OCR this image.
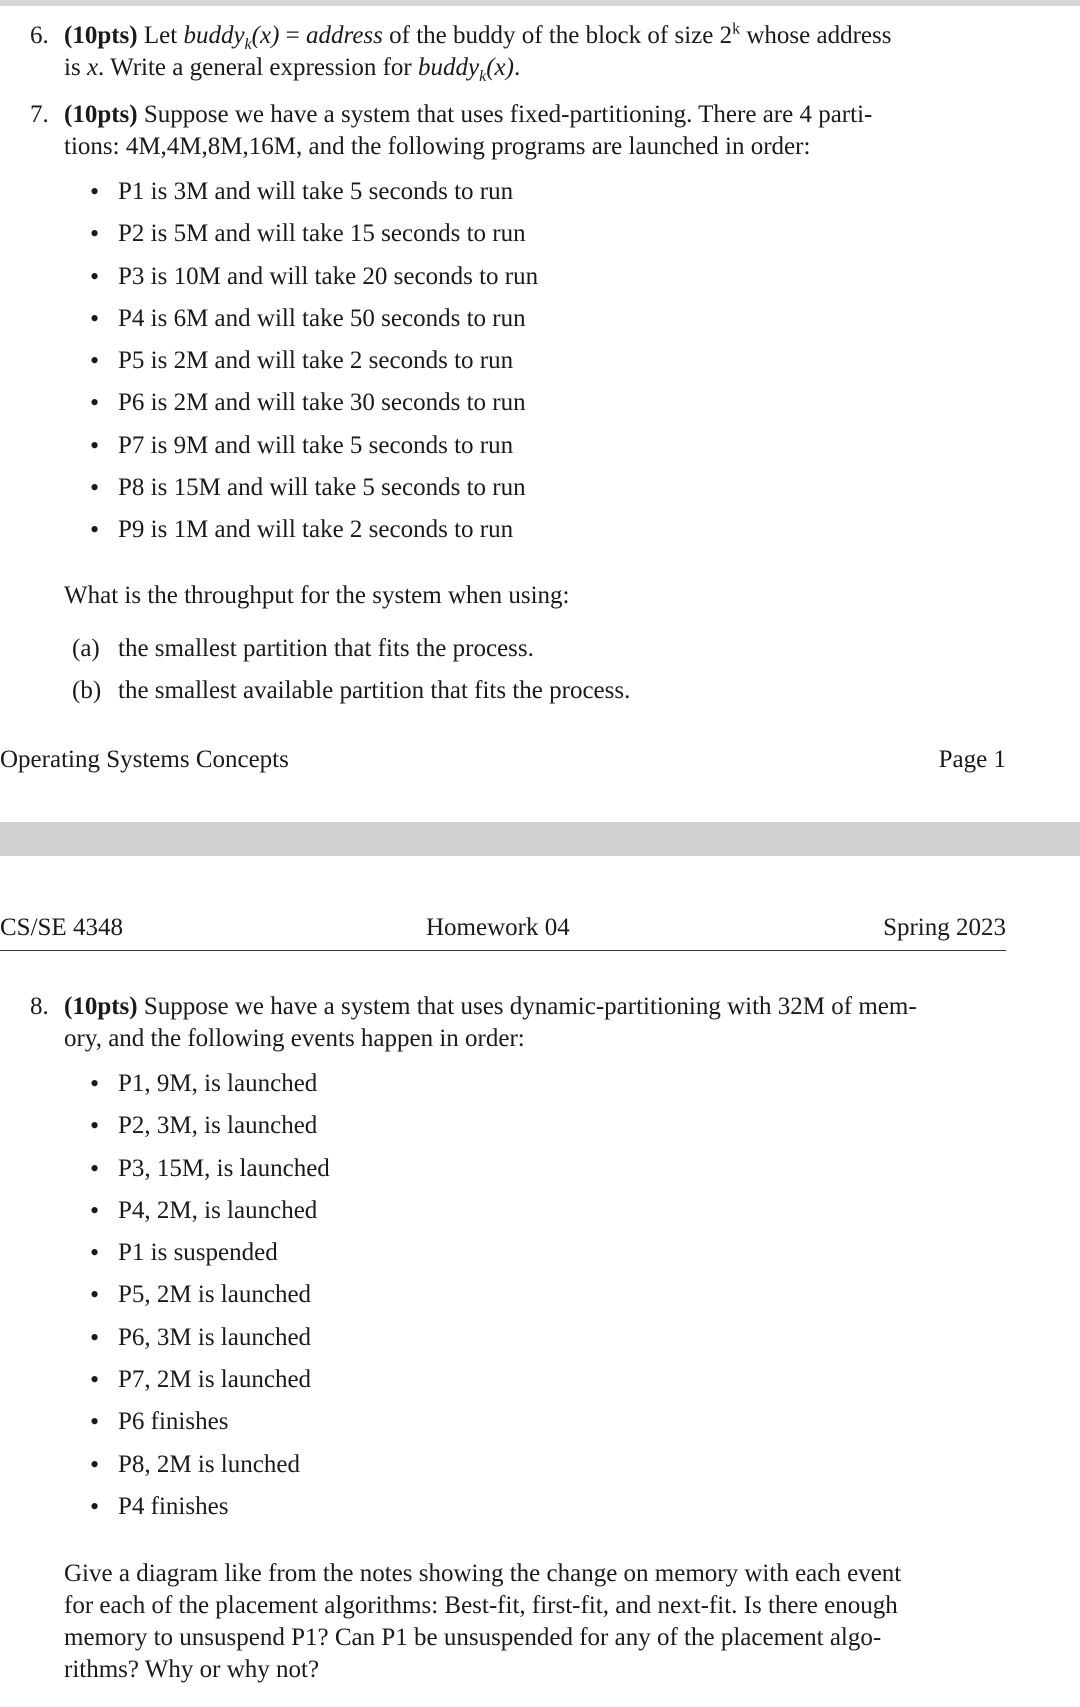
6. (10pts) Let buddy$_k$(x) = address of the buddy of the block of size 2$^k$ whose address
is x. Write a general expression for buddy$_k$(x).
7. (10pts) Suppose we have a system that uses fixed-partitioning. There are 4 parti-
tions: 4M,4M,8M,16M, and the following programs are launched in order:
• P1 is 3M and will take 5 seconds to run
• P2 is 5M and will take 15 seconds to run
• P3 is 10M and will take 20 seconds to run
• P4 is 6M and will take 50 seconds to run
• P5 is 2M and will take 2 seconds to run
• P6 is 2M and will take 30 seconds to run
• P7 is 9M and will take 5 seconds to run
• P8 is 15M and will take 5 seconds to run
• P9 is 1M and will take 2 seconds to run
What is the throughput for the system when using:
(a) the smallest partition that fits the process.
(b) the smallest available partition that fits the process.
Operating Systems Concepts	Page 1
CS/SE 4348	Homework 04	Spring 2023
8. (10pts) Suppose we have a system that uses dynamic-partitioning with 32M of mem-
ory, and the following events happen in order:
• P1, 9M, is launched
• P2, 3M, is launched
• P3, 15M, is launched
• P4, 2M, is launched
• P1 is suspended
• P5, 2M is launched
• P6, 3M is launched
• P7, 2M is launched
• P6 finishes
• P8, 2M is lunched
• P4 finishes
Give a diagram like from the notes showing the change on memory with each event
for each of the placement algorithms: Best-fit, first-fit, and next-fit. Is there enough
memory to unsuspend P1? Can P1 be unsuspended for any of the placement algo-
rithms? Why or why not?
